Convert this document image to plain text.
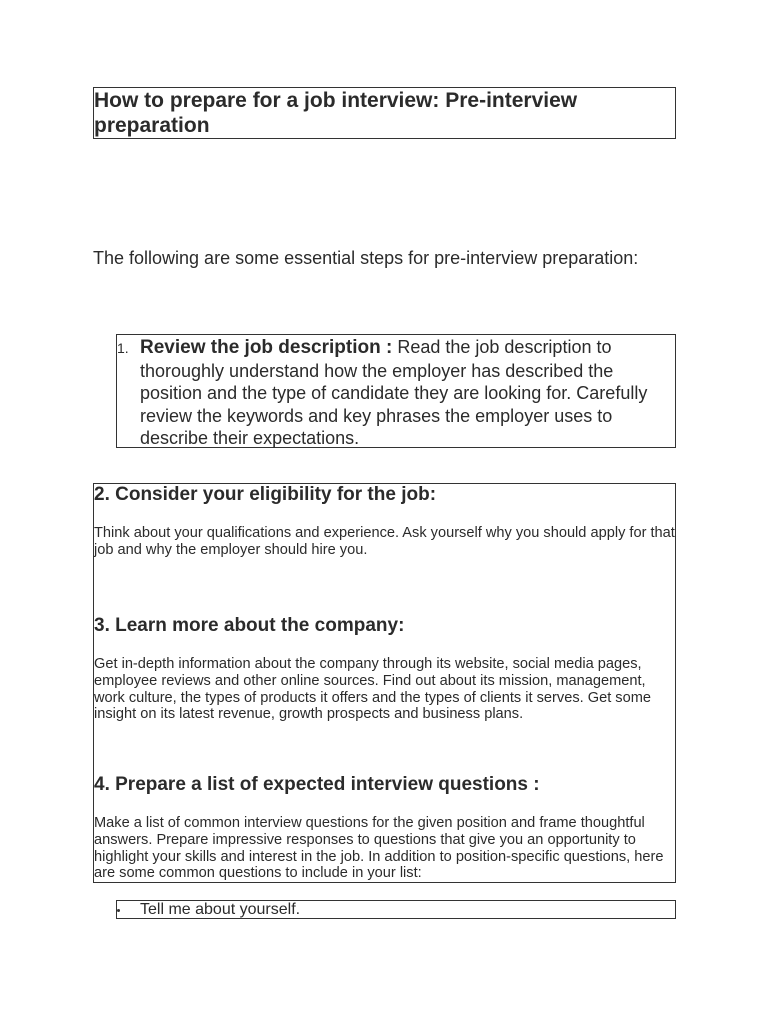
How to prepare for a job interview: Pre-interview preparation

The following are some essential steps for pre-interview preparation:

1. Review the job description : Read the job description to thoroughly understand how the employer has described the position and the type of candidate they are looking for. Carefully review the keywords and key phrases the employer uses to describe their expectations.

2. Consider your eligibility for the job:

Think about your qualifications and experience. Ask yourself why you should apply for that job and why the employer should hire you.

3. Learn more about the company:

Get in-depth information about the company through its website, social media pages, employee reviews and other online sources. Find out about its mission, management, work culture, the types of products it offers and the types of clients it serves. Get some insight on its latest revenue, growth prospects and business plans.

4. Prepare a list of expected interview questions :

Make a list of common interview questions for the given position and frame thoughtful answers. Prepare impressive responses to questions that give you an opportunity to highlight your skills and interest in the job. In addition to position-specific questions, here are some common questions to include in your list:

Tell me about yourself.
